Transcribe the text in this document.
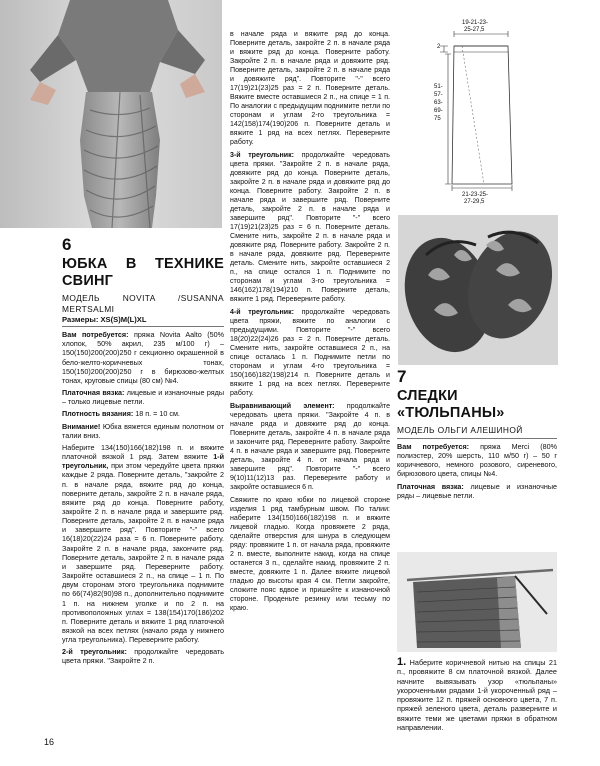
6
ЮБКА В ТЕХНИКЕ СВИНГ
МОДЕЛЬ NOVITA /SUSANNA MERTSALMI

Размеры: XS(S)M(L)XL

Вам потребуется: пряжа Novita Aalto (50% хлопок, 50% акрил, 235 м/100 г) – 150(150)200(200)250 г секционно окрашенной в бело-желто-коричневых тонах, 150(150)200(200)250 г в бирюзово-желтых тонах, круговые спицы (80 см) №4.

Платочная вязка: лицевые и изнаночные ряды – только лицевые петли.

Плотность вязания: 18 п. = 10 см.

Внимание! Юбка вяжется единым полотном от талии вниз.

Наберите 134(150)166(182)198 п. и вяжите платочной вязкой 1 ряд. Затем вяжите 1-й треугольник, при этом чередуйте цвета пряжи каждые 2 ряда. Поверните деталь, "закройте 2 п. в начале ряда, вяжите ряд до конца, поверните деталь, закройте 2 п. в начале ряда, вяжите ряд до конца. Поверните работу, закройте 2 п. в начале ряда и завершите ряд. Поверните деталь, закройте 2 п. в начале ряда и завершите ряд". Повторите "-" всего 16(18)20(22)24 раза = 6 п. Поверните работу. Закройте 2 п. в начале ряда, закончите ряд. Поверните деталь, закройте 2 п. в начале ряда и завершите ряд. Переверните работу. Закройте оставшиеся 2 п., на спице – 1 п. По двум сторонам этого треугольника поднимите по 66(74)82(90)98 п., дополнительно поднимите 1 п. на нижнем уголке и по 2 п. на противоположных углах = 138(154)170(186)202 п. Поверните деталь и вяжите 1 ряд платочной вязкой на всех петлях (начало ряда у нижнего угла треугольника). Переверните работу.

2-й треугольник: продолжайте чередовать цвета пряжи. "Закройте 2 п.

в начале ряда и вяжите ряд до конца. Поверните деталь, закройте 2 п. в начале ряда и вяжите ряд до конца. Поверните работу. Закройте 2 п. в начале ряда и довяжите ряд. Поверните деталь, закройте 2 п. в начале ряда и довяжите ряд". Повторите "-" всего 17(19)21(23)25 раз = 2 п. Поверните деталь. Вяжите вместе оставшиеся 2 п., на спице = 1 п. По аналогии с предыдущим поднимите петли по сторонам и углам 2-го треугольника = 142(158)174(190)206 п. Поверните деталь и вяжите 1 ряд на всех петлях. Переверните работу.

3-й треугольник: продолжайте чередовать цвета пряжи. "Закройте 2 п. в начале ряда, довяжите ряд до конца. Поверните деталь, закройте 2 п. в начале ряда и довяжите ряд до конца. Поверните работу. Закройте 2 п. в начале ряда и завершите ряд. Поверните деталь, закройте 2 п. в начале ряда и завершите ряд". Повторите "-" всего 17(19)21(23)25 раз = 6 п. Поверните деталь. Смените нить, закройте 2 п. в начале ряда и довяжите ряд. Поверните работу. Закройте 2 п. в начале ряда, довяжите ряд. Переверните деталь. Смените нить, закройте оставшиеся 2 п., на спице остался 1 п. Поднимите по сторонам и углам 3-го треугольника = 146(162)178(194)210 п. Поверните деталь, вяжите 1 ряд. Переверните работу.

4-й треугольник: продолжайте чередовать цвета пряжи, вяжите по аналогии с предыдущими. Повторите "-" всего 18(20)22(24)26 раз = 2 п. Поверните деталь. Смените нить, закройте оставшиеся 2 п., на спице осталась 1 п. Поднимите петли по сторонам и углам 4-го треугольника = 150(166)182(198)214 п. Поверните деталь и вяжите 1 ряд на всех петлях. Переверните работу.

Выравнивающий элемент: продолжайте чередовать цвета пряжи. "Закройте 4 п. в начале ряда и довяжите ряд до конца. Поверните деталь, закройте 4 п. в начале ряда и закончите ряд. Переверните работу. Закройте 4 п. в начале ряда и завершите ряд. Поверните деталь, закройте 4 п. от начала ряда и завершите ряд". Повторите "-" всего 9(10)11(12)13 раз. Переверните работу и закройте оставшиеся 6 п.

Свяжите по краю юбки по лицевой стороне изделия 1 ряд тамбурным швом. По талии: наберите 134(150)166(182)198 п. и вяжите лицевой гладью. Когда провяжете 2 ряда, сделайте отверстия для шнура в следующем ряду: провяжите 1 п. от начала ряда, провяжите 2 п. вместе, выполните накид, когда на спице останется 3 п., сделайте накид, провяжите 2 п. вместе, довяжите 1 п. Далее вяжите лицевой гладью до высоты края 4 см. Петли закройте, сложите пояс вдвое и пришейте к изнаночной стороне. Проденьте резинку или тесьму по краю.

19-21-23-
25-27,5
2
51-
57-
63-
69-
75
21-23-25-
27-29,5
7
СЛЕДКИ «ТЮЛЬПАНЫ»
МОДЕЛЬ ОЛЬГИ АЛЕШИНОЙ

Вам потребуется: пряжа Merci (80% полиэстер, 20% шерсть, 110 м/50 г) – 50 г коричневого, немного розового, сиреневого, бирюзового цвета, спицы №4.

Платочная вязка: лицевые и изнаночные ряды – лицевые петли.

1. Наберите коричневой нитью на спицы 21 п., провяжите 8 см платочной вязкой. Далее начните вывязывать узор «тюльпаны» укороченными рядами 1-й укороченный ряд – провяжите 12 п. пряжей основного цвета, 7 п. пряжей зеленого цвета, деталь разверните и вяжите теми же цветами пряжи в обратном направлении.

16
